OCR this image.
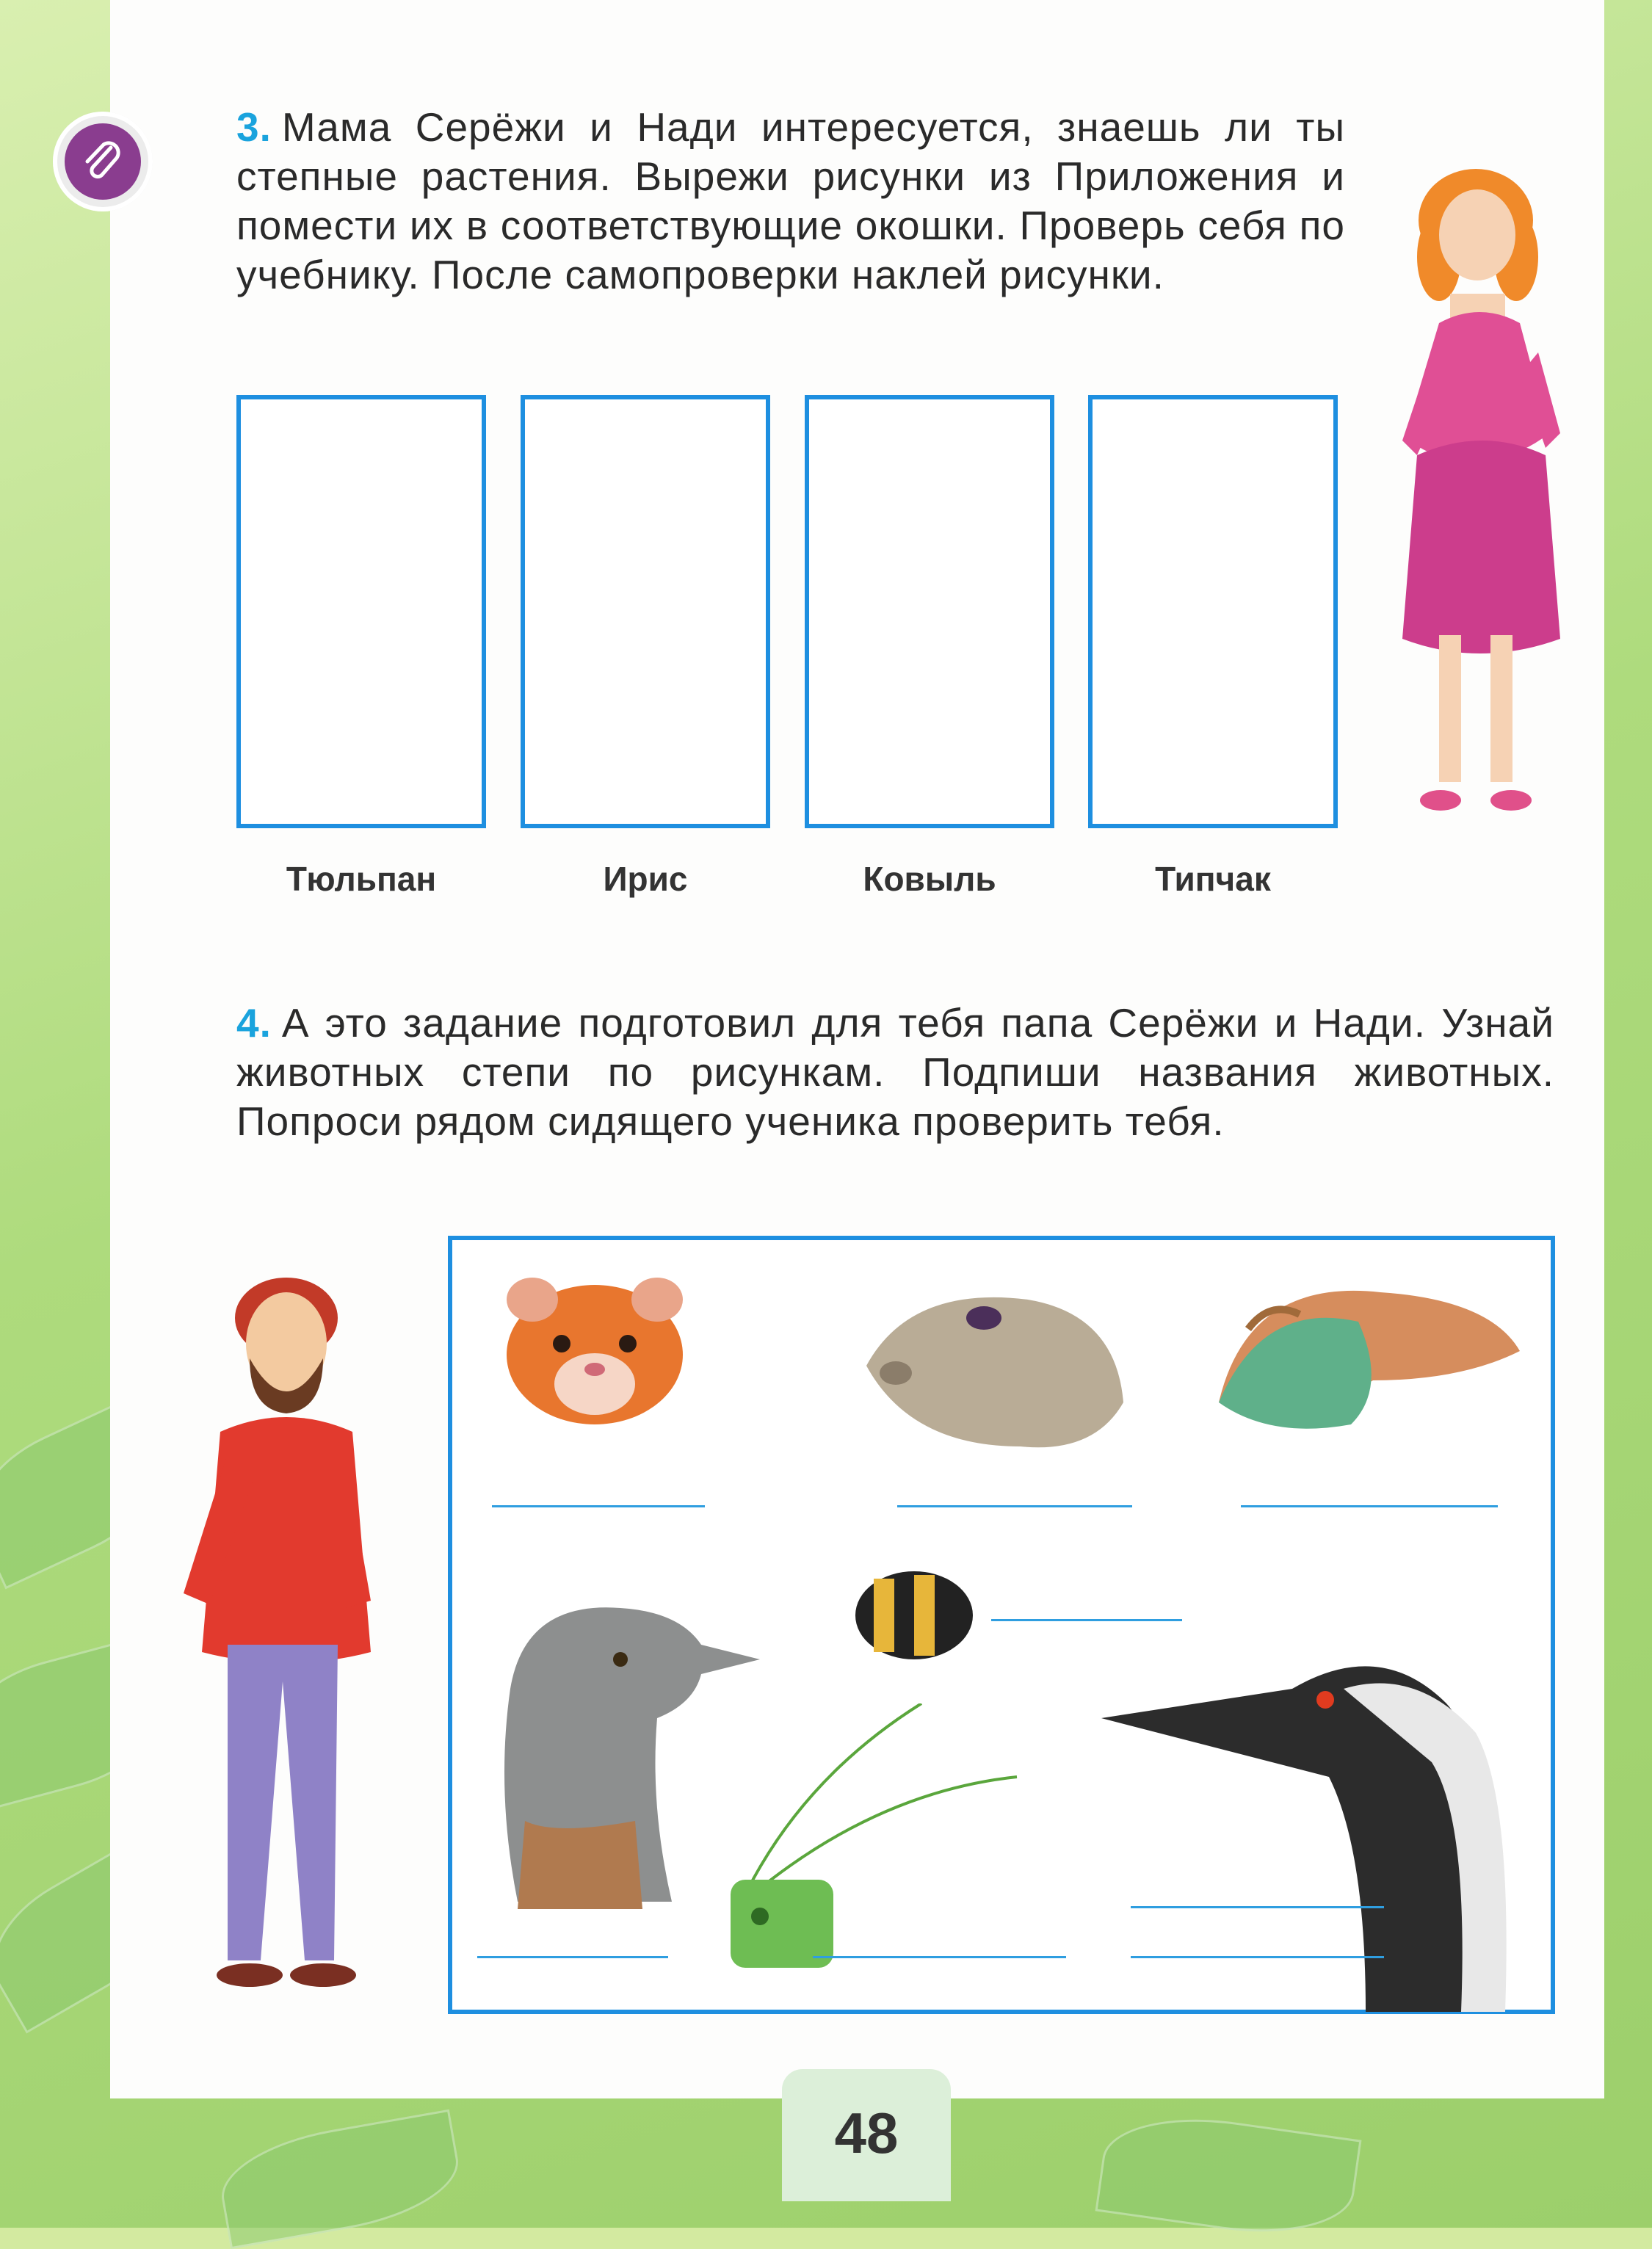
3. Мама Серёжи и Нади интересуется, знаешь ли ты степные растения. Вырежи рисунки из Приложения и помести их в соответствующие окошки. Проверь себя по учебнику. После самопроверки наклей рисунки.
Тюльпан	Ирис	Ковыль	Типчак
4. А это задание подготовил для тебя папа Серёжи и Нади. Узнай животных степи по рисункам. Подпиши названия животных. Попроси рядом сидящего ученика проверить тебя.
48
